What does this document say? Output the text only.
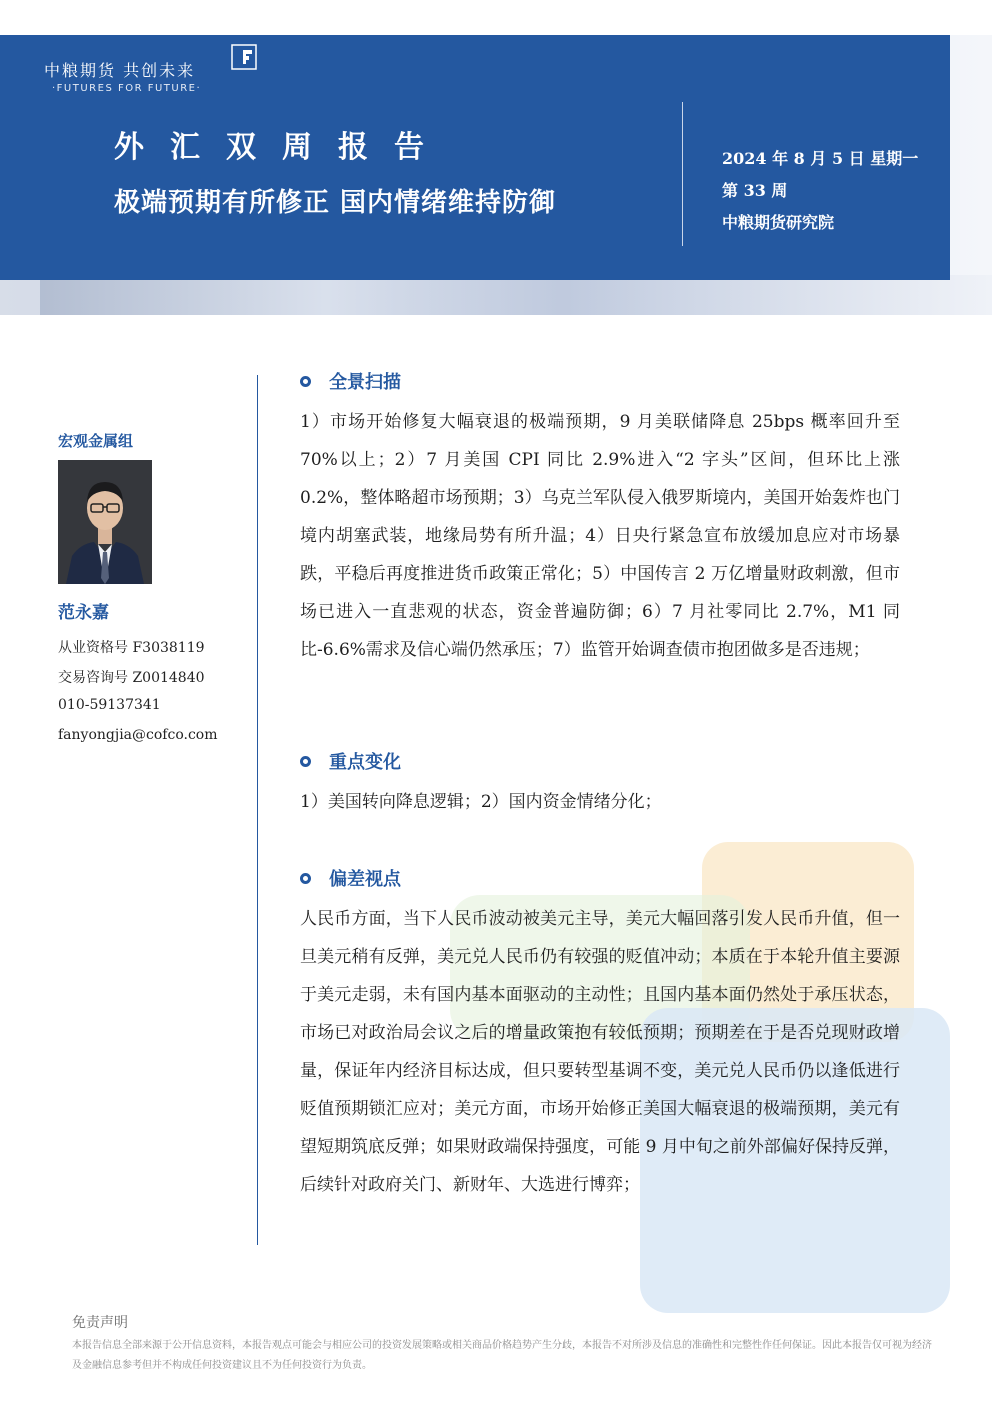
中粮期货 共创未来
·FUTURES FOR FUTURE·
外汇双周报告
极端预期有所修正 国内情绪维持防御
2024 年 8 月 5 日 星期一
第 33 周
中粮期货研究院
宏观金属组
范永嘉
从业资格号 F3038119
交易咨询号 Z0014840
010-59137341
fanyongjia@cofco.com
全景扫描
1）市场开始修复大幅衰退的极端预期，9 月美联储降息 25bps 概率回升至 70%以上；2）7 月美国 CPI 同比 2.9%进入“2 字头”区间，但环比上涨 0.2%，整体略超市场预期；3）乌克兰军队侵入俄罗斯境内，美国开始轰炸也门境内胡塞武装，地缘局势有所升温；4）日央行紧急宣布放缓加息应对市场暴跌，平稳后再度推进货币政策正常化；5）中国传言 2 万亿增量财政刺激，但市场已进入一直悲观的状态，资金普遍防御；6）7 月社零同比 2.7%，M1 同比-6.6%需求及信心端仍然承压；7）监管开始调查债市抱团做多是否违规；
重点变化
1）美国转向降息逻辑；2）国内资金情绪分化；
偏差视点
人民币方面，当下人民币波动被美元主导，美元大幅回落引发人民币升值，但一旦美元稍有反弹，美元兑人民币仍有较强的贬值冲动；本质在于本轮升值主要源于美元走弱，未有国内基本面驱动的主动性；且国内基本面仍然处于承压状态，市场已对政治局会议之后的增量政策抱有较低预期；预期差在于是否兑现财政增量，保证年内经济目标达成，但只要转型基调不变，美元兑人民币仍以逢低进行贬值预期锁汇应对；美元方面，市场开始修正美国大幅衰退的极端预期，美元有望短期筑底反弹；如果财政端保持强度，可能 9 月中旬之前外部偏好保持反弹，后续针对政府关门、新财年、大选进行博弈；
免责声明
本报告信息全部来源于公开信息资料，本报告观点可能会与相应公司的投资发展策略或相关商品价格趋势产生分歧，本报告不对所涉及信息的准确性和完整性作任何保证。因此本报告仅可视为经济及金融信息参考但并不构成任何投资建议且不为任何投资行为负责。
